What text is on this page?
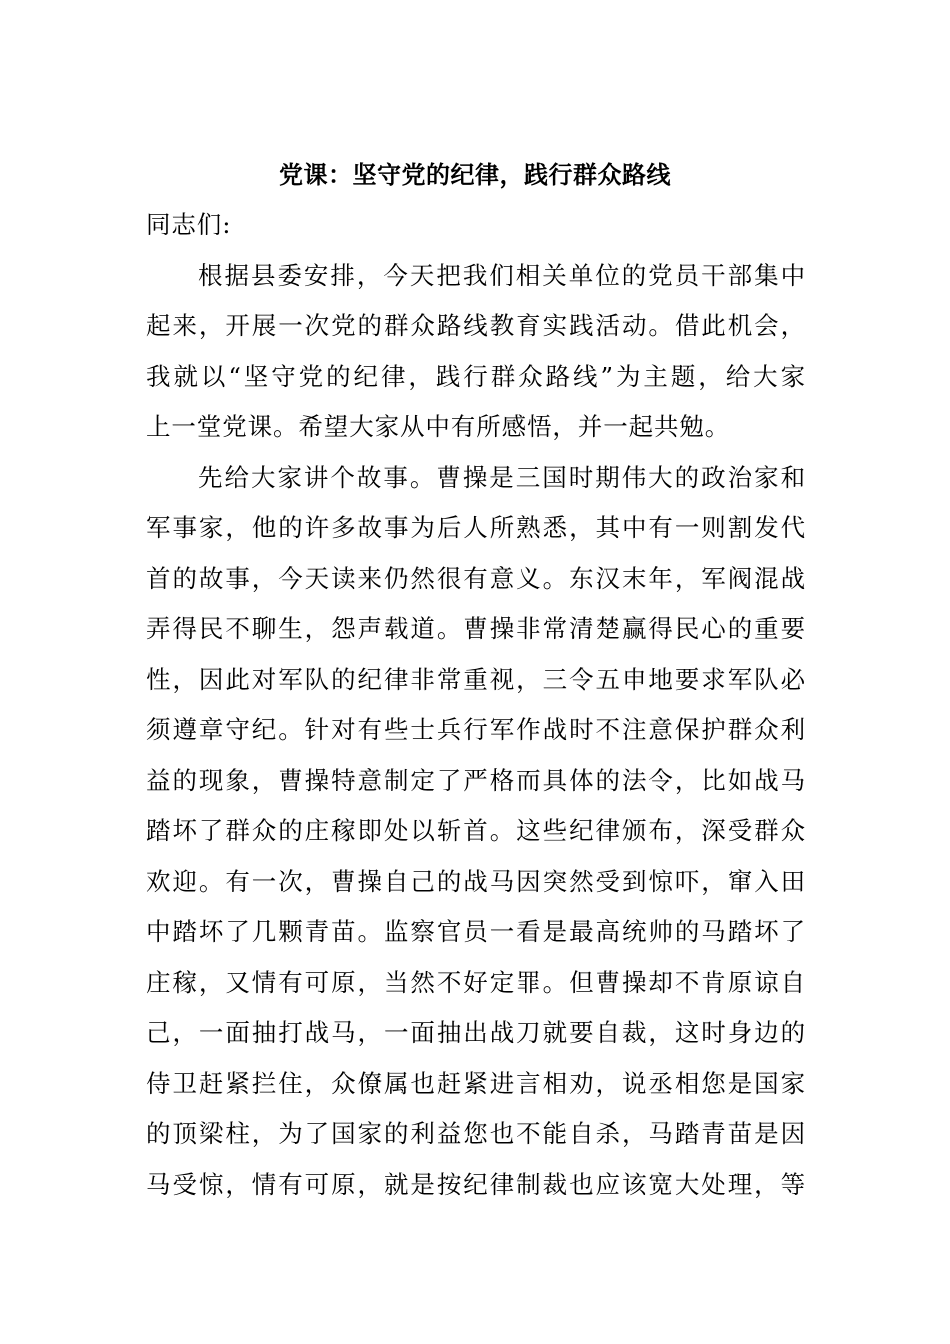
党课：坚守党的纪律，践行群众路线
同志们:
根据县委安排，今天把我们相关单位的党员干部集中
起来，开展一次党的群众路线教育实践活动。借此机会，
我就以“坚守党的纪律，践行群众路线”为主题，给大家
上一堂党课。希望大家从中有所感悟，并一起共勉。
先给大家讲个故事。曹操是三国时期伟大的政治家和
军事家，他的许多故事为后人所熟悉，其中有一则割发代
首的故事，今天读来仍然很有意义。东汉末年，军阀混战
弄得民不聊生，怨声载道。曹操非常清楚赢得民心的重要
性，因此对军队的纪律非常重视，三令五申地要求军队必
须遵章守纪。针对有些士兵行军作战时不注意保护群众利
益的现象，曹操特意制定了严格而具体的法令，比如战马
踏坏了群众的庄稼即处以斩首。这些纪律颁布，深受群众
欢迎。有一次，曹操自己的战马因突然受到惊吓，窜入田
中踏坏了几颗青苗。监察官员一看是最高统帅的马踏坏了
庄稼，又情有可原，当然不好定罪。但曹操却不肯原谅自
己，一面抽打战马，一面抽出战刀就要自裁，这时身边的
侍卫赶紧拦住，众僚属也赶紧进言相劝，说丞相您是国家
的顶梁柱，为了国家的利益您也不能自杀，马踏青苗是因
马受惊，情有可原，就是按纪律制裁也应该宽大处理，等
